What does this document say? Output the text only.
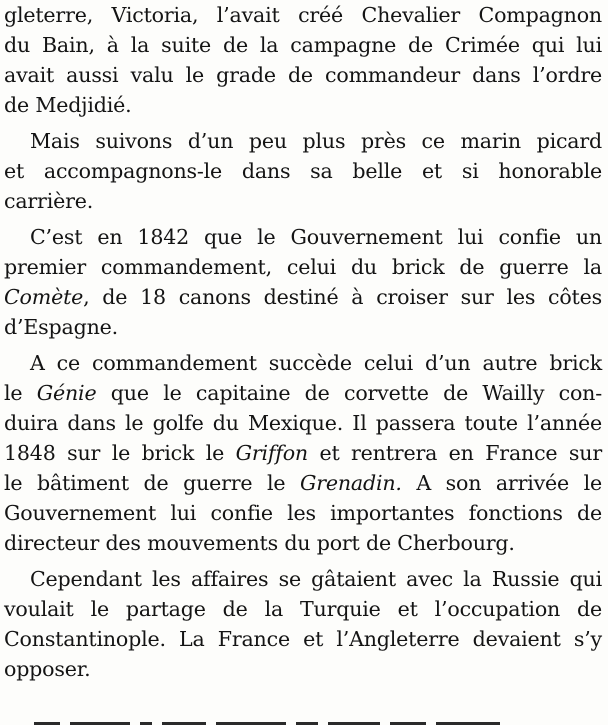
gleterre, Victoria, l’avait créé Chevalier Compagnon
du Bain, à la suite de la campagne de Crimée qui lui
avait aussi valu le grade de commandeur dans l’ordre
de Medjidié.
Mais suivons d’un peu plus près ce marin picard
et accompagnons-le dans sa belle et si honorable
carrière.
C’est en 1842 que le Gouvernement lui confie un
premier commandement, celui du brick de guerre la
Comète, de 18 canons destiné à croiser sur les côtes
d’Espagne.
A ce commandement succède celui d’un autre brick
le Génie que le capitaine de corvette de Wailly con-
duira dans le golfe du Mexique. Il passera toute l’année
1848 sur le brick le Griffon et rentrera en France sur
le bâtiment de guerre le Grenadin. A son arrivée le
Gouvernement lui confie les importantes fonctions de
directeur des mouvements du port de Cherbourg.
Cependant les affaires se gâtaient avec la Russie qui
voulait le partage de la Turquie et l’occupation de
Constantinople. La France et l’Angleterre devaient s’y
opposer.
